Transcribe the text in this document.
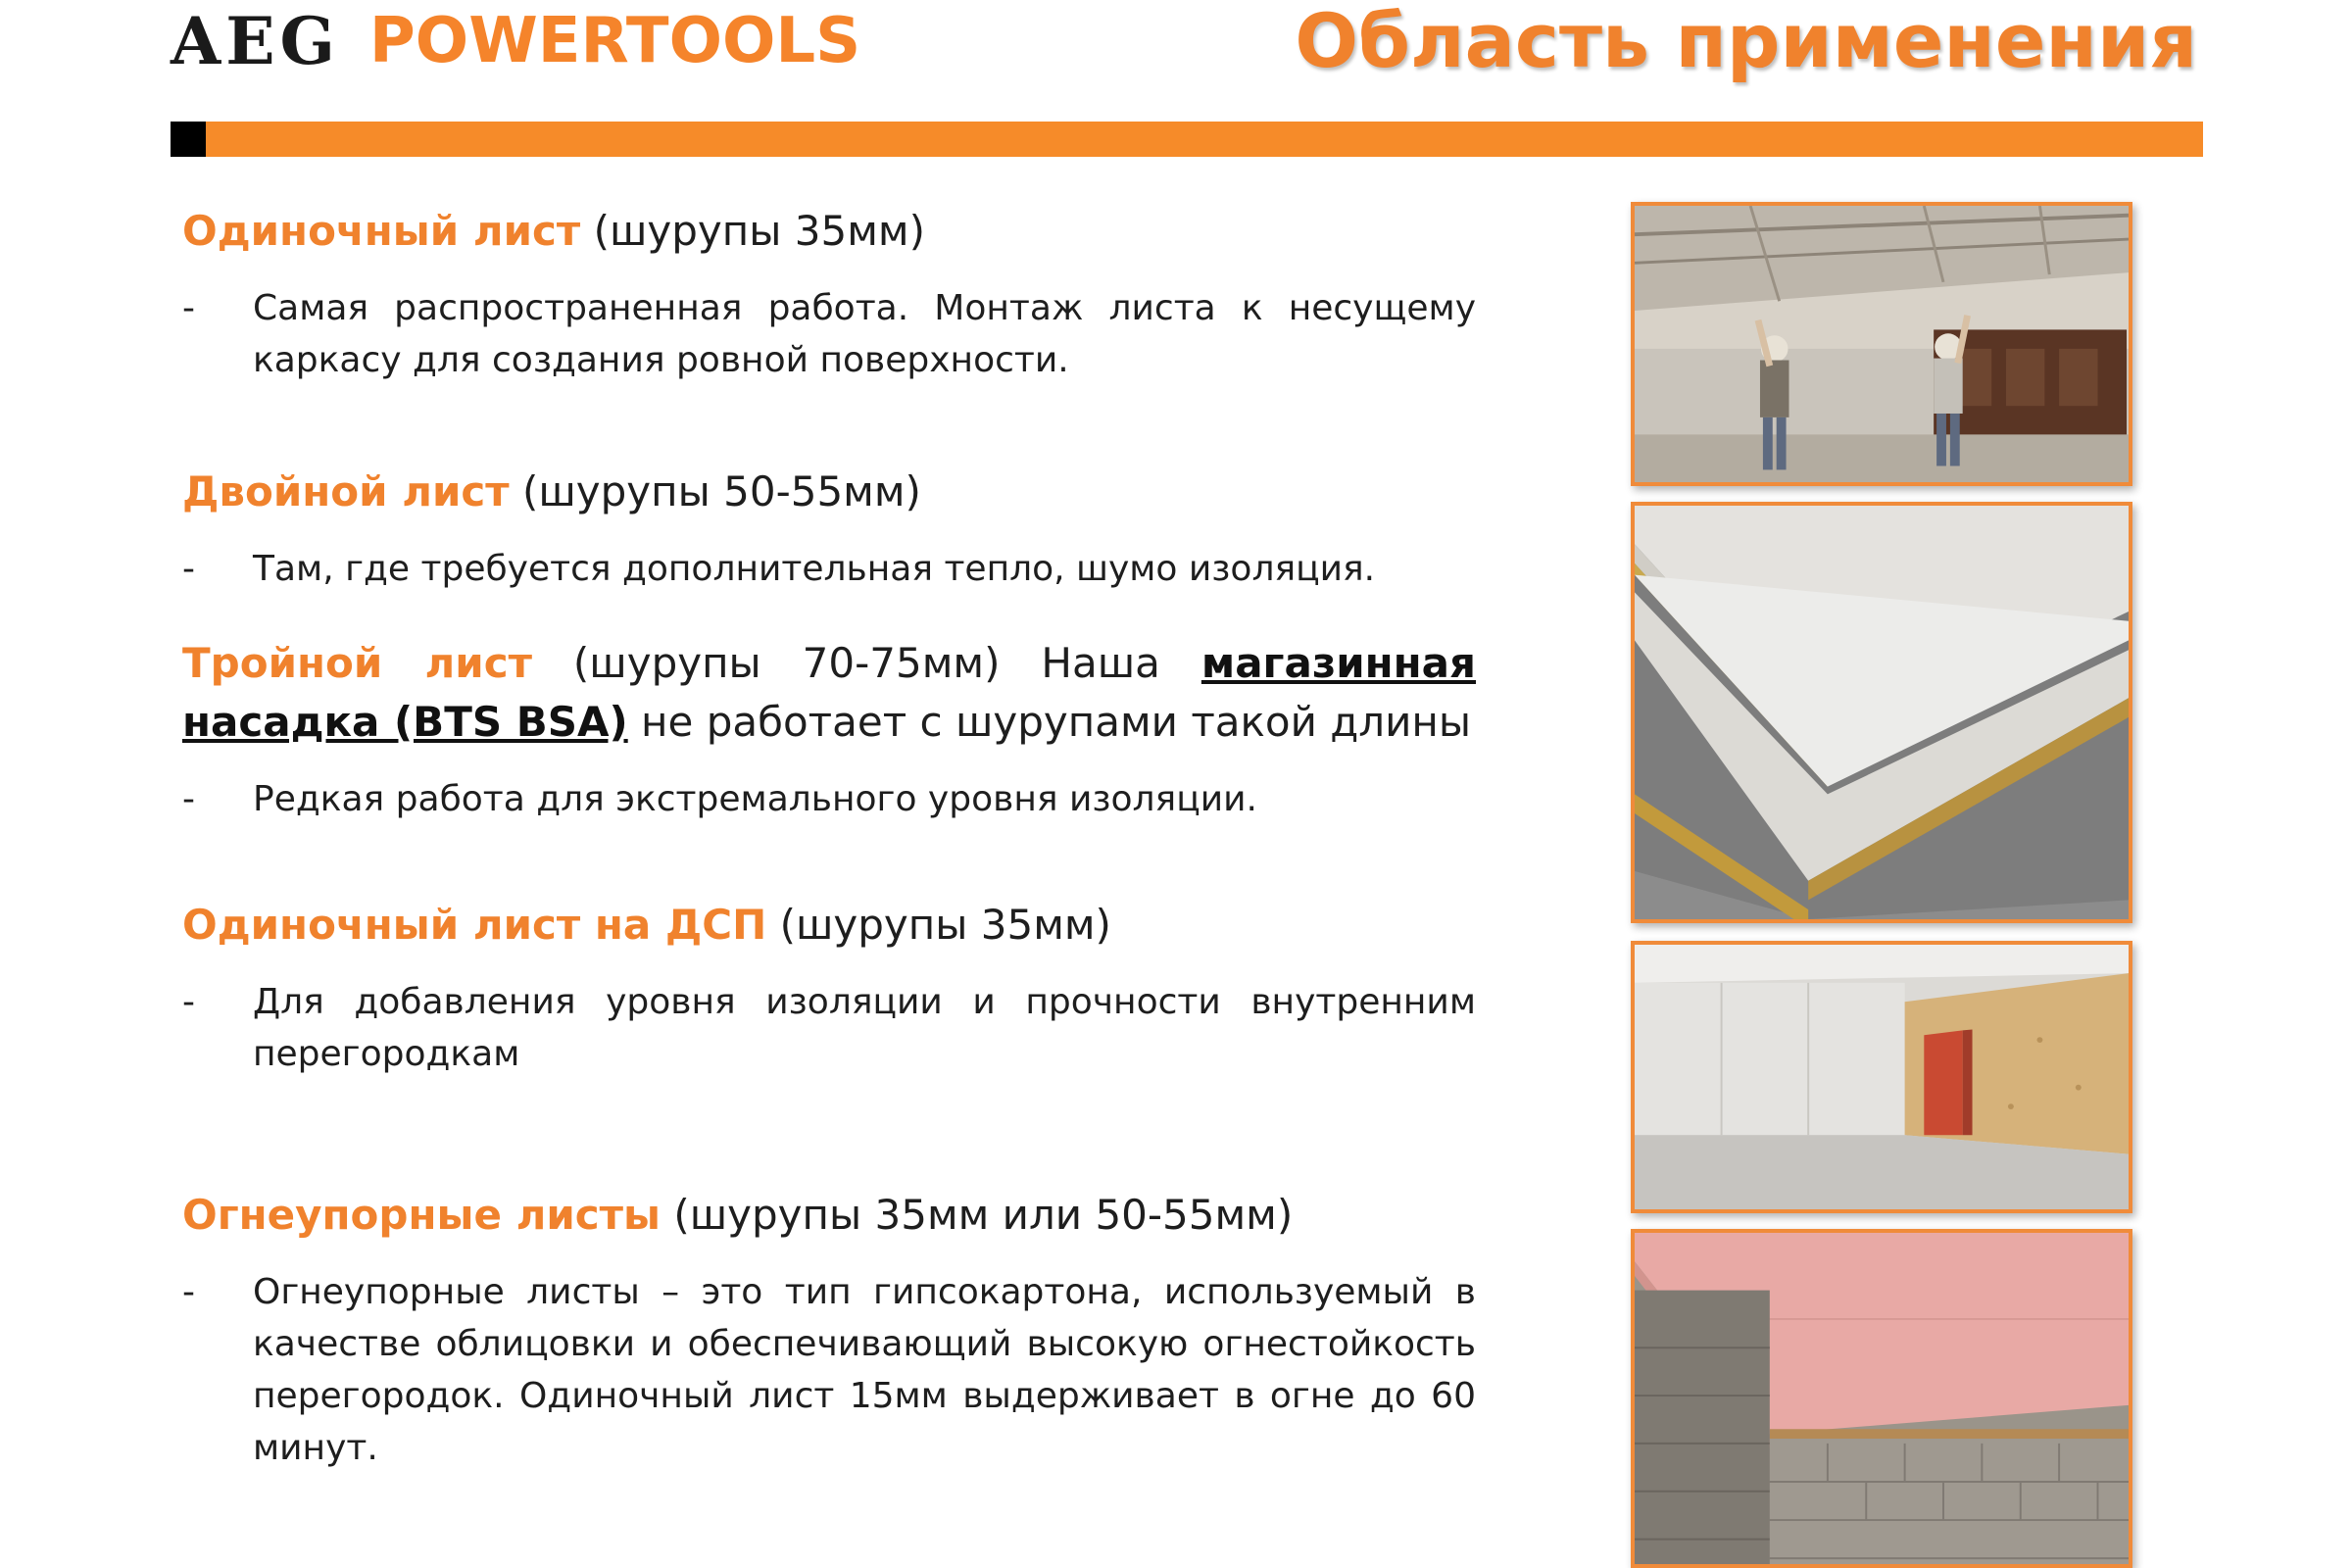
AEG POWERTOOLS	Область применения

Одиночный лист (шурупы 35мм)

- Самая распространенная работа. Монтаж листа к несущему каркасу для создания ровной поверхности.

Двойной лист (шурупы 50-55мм)

- Там, где требуется дополнительная тепло, шумо изоляция.

Тройной лист (шурупы 70-75мм) Наша магазинная насадка (BTS BSA) не работает с шурупами такой длины

- Редкая работа для экстремального уровня изоляции.

Одиночный лист на ДСП (шурупы 35мм)

- Для добавления уровня изоляции и прочности внутренним перегородкам

Огнеупорные листы (шурупы 35мм или 50-55мм)

- Огнеупорные листы – это тип гипсокартона, используемый в качестве облицовки и обеспечивающий высокую огнестойкость перегородок. Одиночный лист 15мм выдерживает в огне до 60 минут.
